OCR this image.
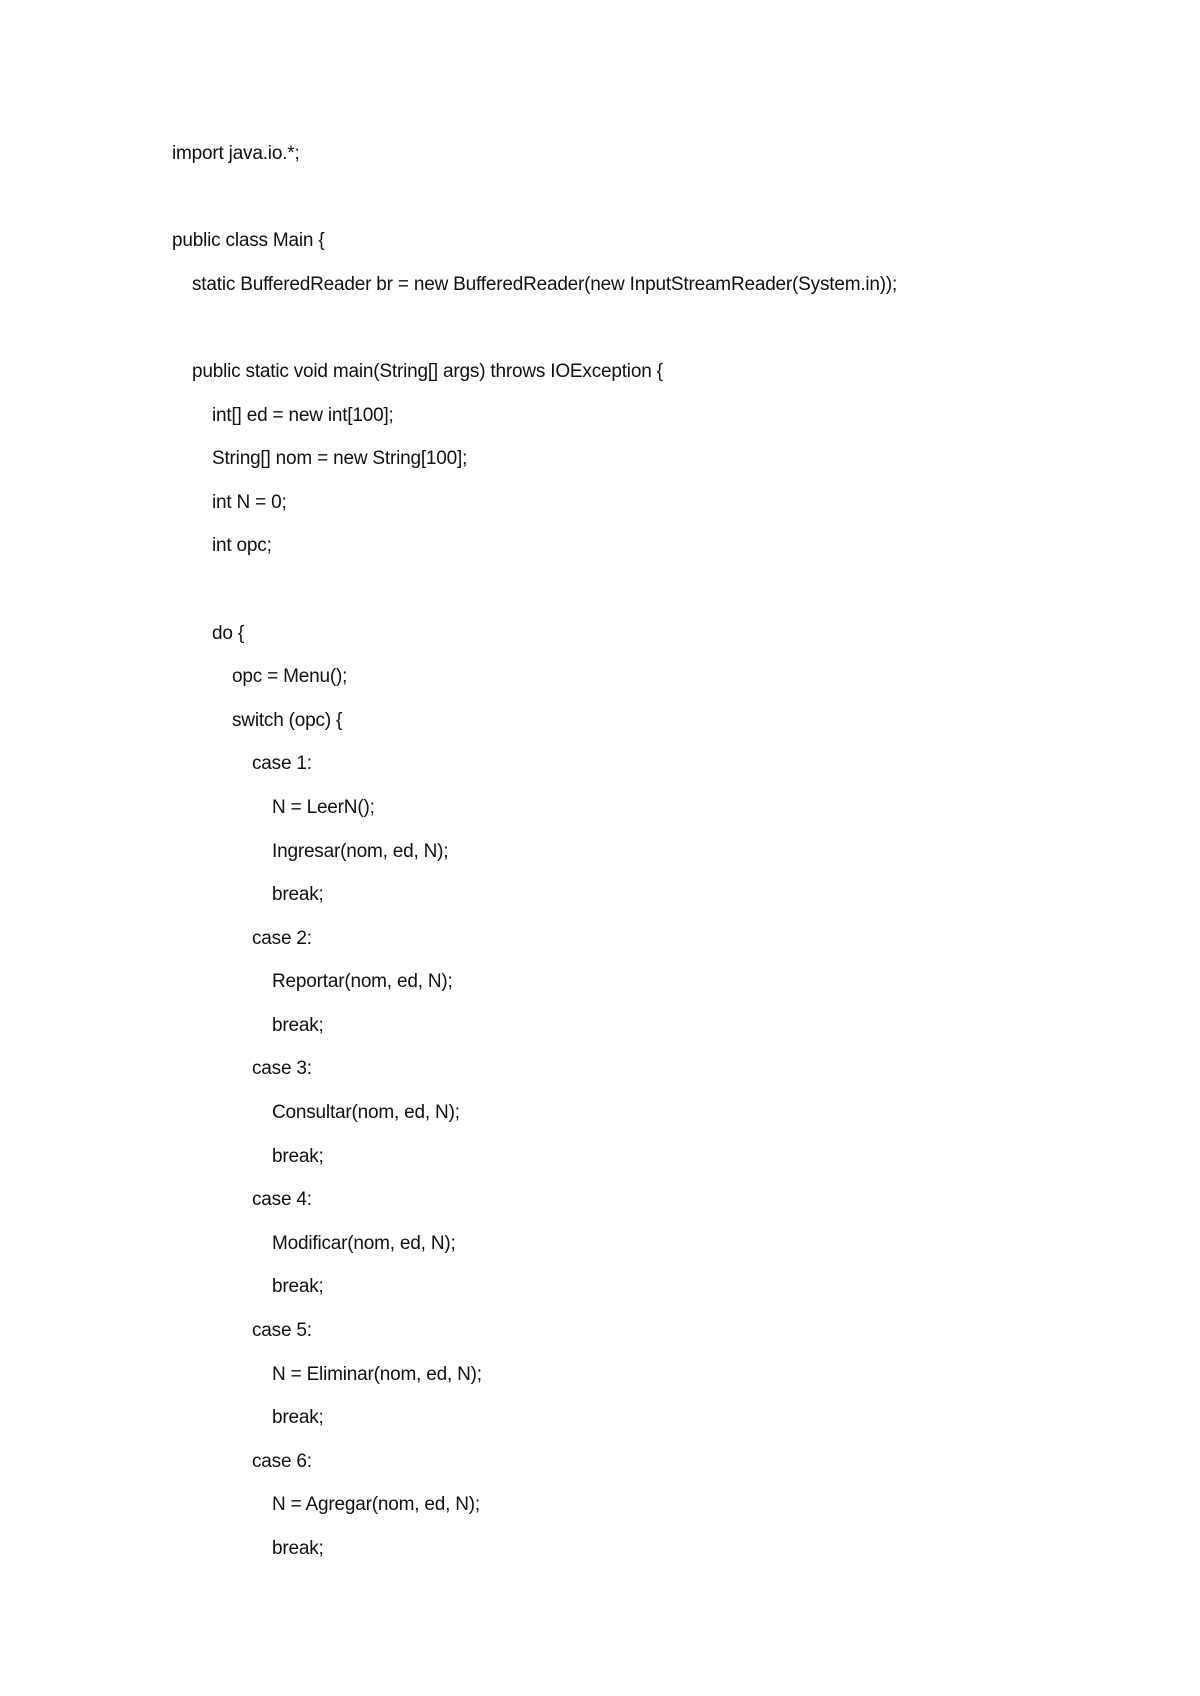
import java.io.*;
public class Main {
static BufferedReader br = new BufferedReader(new InputStreamReader(System.in));
public static void main(String[] args) throws IOException {
int[] ed = new int[100];
String[] nom = new String[100];
int N = 0;
int opc;
do {
opc = Menu();
switch (opc) {
case 1:
N = LeerN();
Ingresar(nom, ed, N);
break;
case 2:
Reportar(nom, ed, N);
break;
case 3:
Consultar(nom, ed, N);
break;
case 4:
Modificar(nom, ed, N);
break;
case 5:
N = Eliminar(nom, ed, N);
break;
case 6:
N = Agregar(nom, ed, N);
break;
